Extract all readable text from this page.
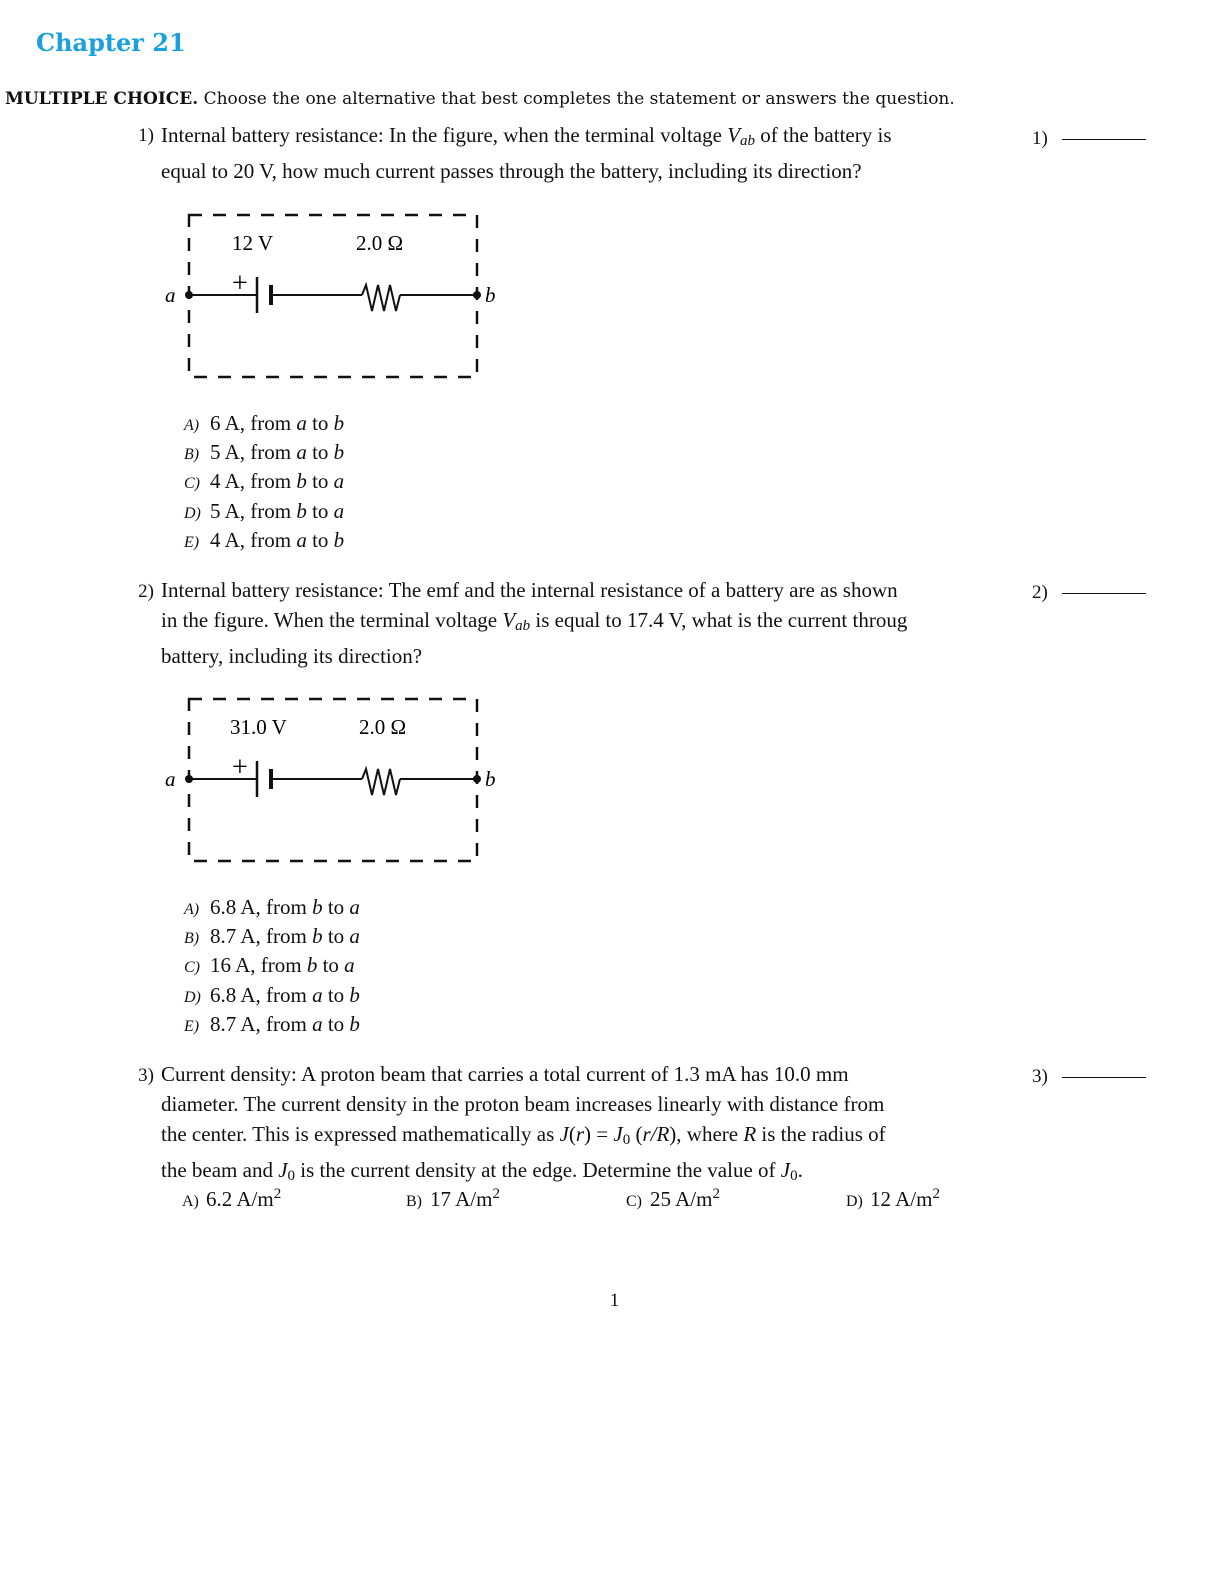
Chapter 21
MULTIPLE CHOICE. Choose the one alternative that best completes the statement or answers the question.
1) Internal battery resistance: In the figure, when the terminal voltage $V_{ab}$ of the battery is
equal to 20 V, how much current passes through the battery, including its direction?
1)
12 V	2.0 Ω
+
a	b
A) 6 A, from a to b
B) 5 A, from a to b
C) 4 A, from b to a
D) 5 A, from b to a
E) 4 A, from a to b
2) Internal battery resistance: The emf and the internal resistance of a battery are as shown
in the figure. When the terminal voltage $V_{ab}$ is equal to 17.4 V, what is the current throug
battery, including its direction?
2)
31.0 V	2.0 Ω
+
a	b
A) 6.8 A, from b to a
B) 8.7 A, from b to a
C) 16 A, from b to a
D) 6.8 A, from a to b
E) 8.7 A, from a to b
3) Current density: A proton beam that carries a total current of 1.3 mA has 10.0 mm
diameter. The current density in the proton beam increases linearly with distance from
the center. This is expressed mathematically as $J(r) = J_0$ (r/R), where R is the radius of
the beam and $J_0$ is the current density at the edge. Determine the value of $J_0$.
3)
A) 6.2 $A/m^2$	B) 17 $A/m^2$	C) 25 $A/m^2$	D) 12 $A/m^2$
1
